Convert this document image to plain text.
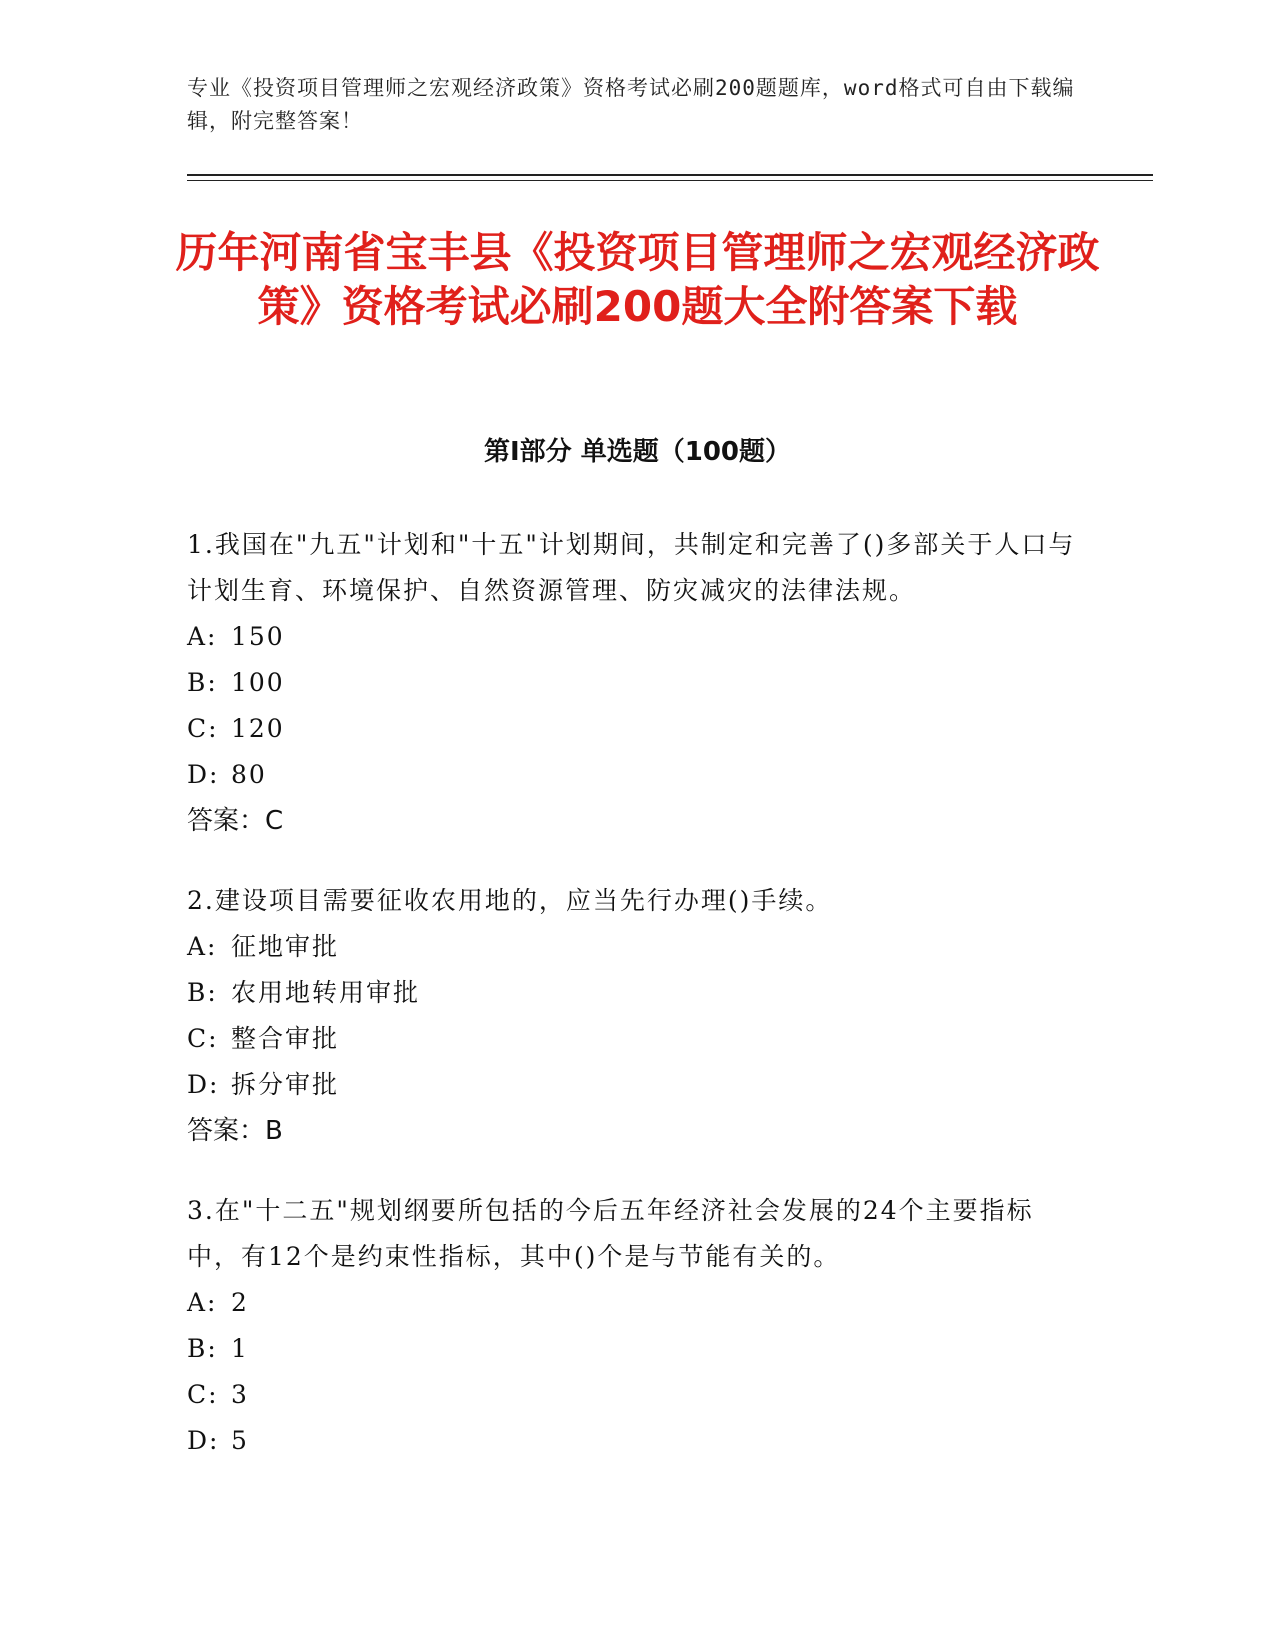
专业《投资项目管理师之宏观经济政策》资格考试必刷200题题库，word格式可自由下载编辑，附完整答案！
历年河南省宝丰县《投资项目管理师之宏观经济政策》资格考试必刷200题大全附答案下载
第I部分 单选题（100题）
1.我国在"九五"计划和"十五"计划期间，共制定和完善了()多部关于人口与计划生育、环境保护、自然资源管理、防灾减灾的法律法规。
A: 150
B: 100
C: 120
D: 80
答案：C
2.建设项目需要征收农用地的，应当先行办理()手续。
A: 征地审批
B: 农用地转用审批
C: 整合审批
D: 拆分审批
答案：B
3.在"十二五"规划纲要所包括的今后五年经济社会发展的24个主要指标中，有12个是约束性指标，其中()个是与节能有关的。
A: 2
B: 1
C: 3
D: 5
